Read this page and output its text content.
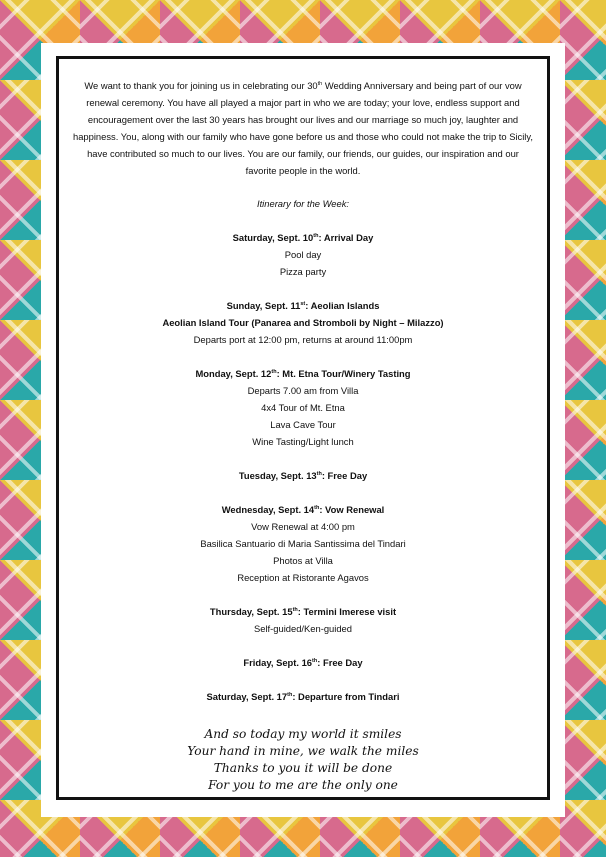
We want to thank you for joining us in celebrating our 30th Wedding Anniversary and being part of our vow renewal ceremony. You have all played a major part in who we are today; your love, endless support and encouragement over the last 30 years has brought our lives and our marriage so much joy, laughter and happiness. You, along with our family who have gone before us and those who could not make the trip to Sicily, have contributed so much to our lives. You are our family, our friends, our guides, our inspiration and our favorite people in the world.
Itinerary for the Week:
Saturday, Sept. 10th: Arrival Day
Pool day
Pizza party
Sunday, Sept. 11st: Aeolian Islands
Aeolian Island Tour (Panarea and Stromboli by Night – Milazzo)
Departs port at 12:00 pm, returns at around 11:00pm
Monday, Sept. 12th: Mt. Etna Tour/Winery Tasting
Departs 7.00 am from Villa
4x4 Tour of Mt. Etna
Lava Cave Tour
Wine Tasting/Light lunch
Tuesday, Sept. 13th: Free Day
Wednesday, Sept. 14th: Vow Renewal
Vow Renewal at 4:00 pm
Basilica Santuario di Maria Santissima del Tindari
Photos at Villa
Reception at Ristorante Agavos
Thursday, Sept. 15th: Termini Imerese visit
Self-guided/Ken-guided
Friday, Sept. 16th: Free Day
Saturday, Sept. 17th: Departure from Tindari
And so today my world it smiles
Your hand in mine, we walk the miles
Thanks to you it will be done
For you to me are the only one
